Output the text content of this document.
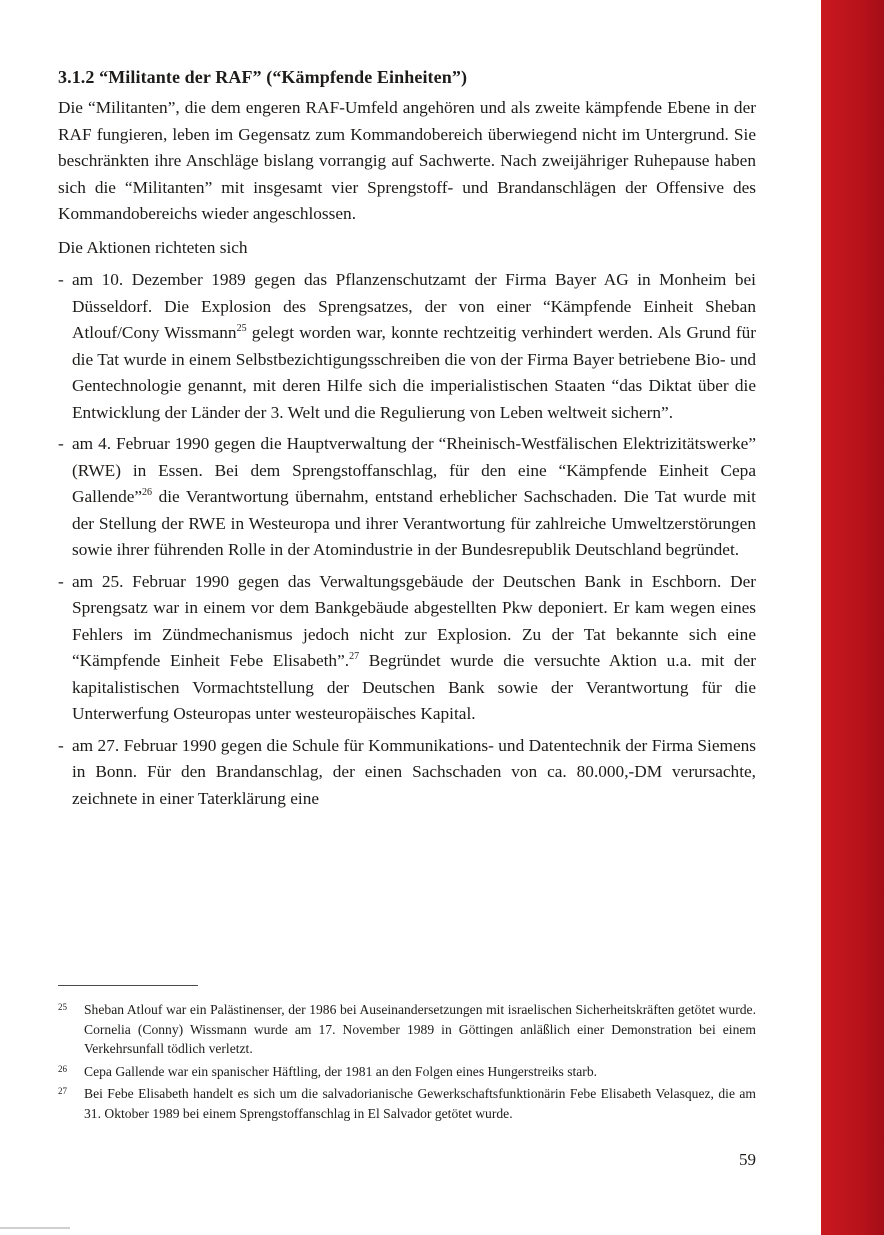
3.1.2 “Militante der RAF” (“Kämpfende Einheiten”)

Die “Militanten”, die dem engeren RAF-Umfeld angehören und als zweite kämpfende Ebene in der RAF fungieren, leben im Gegensatz zum Kommandobereich überwiegend nicht im Untergrund. Sie beschränkten ihre Anschläge bislang vorrangig auf Sachwerte. Nach zweijähriger Ruhepause haben sich die “Militanten” mit insgesamt vier Sprengstoff- und Brandanschlägen der Offensive des Kommandobereichs wieder angeschlossen.

Die Aktionen richteten sich

- am 10. Dezember 1989 gegen das Pflanzenschutzamt der Firma Bayer AG in Monheim bei Düsseldorf. Die Explosion des Sprengsatzes, der von einer “Kämpfende Einheit Sheban Atlouf/Cony Wissmann$^{25}$ gelegt worden war, konnte rechtzeitig verhindert werden. Als Grund für die Tat wurde in einem Selbstbezichtigungsschreiben die von der Firma Bayer betriebene Bio- und Gentechnologie genannt, mit deren Hilfe sich die imperialistischen Staaten “das Diktat über die Entwicklung der Länder der 3. Welt und die Regulierung von Leben weltweit sichern”.
- am 4. Februar 1990 gegen die Hauptverwaltung der “Rheinisch-Westfälischen Elektrizitätswerke” (RWE) in Essen. Bei dem Sprengstoffanschlag, für den eine “Kämpfende Einheit Cepa Gallende”$^{26}$ die Verantwortung übernahm, entstand erheblicher Sachschaden. Die Tat wurde mit der Stellung der RWE in Westeuropa und ihrer Verantwortung für zahlreiche Umweltzerstörungen sowie ihrer führenden Rolle in der Atomindustrie in der Bundesrepublik Deutschland begründet.
- am 25. Februar 1990 gegen das Verwaltungsgebäude der Deutschen Bank in Eschborn. Der Sprengsatz war in einem vor dem Bankgebäude abgestellten Pkw deponiert. Er kam wegen eines Fehlers im Zündmechanismus jedoch nicht zur Explosion. Zu der Tat bekannte sich eine “Kämpfende Einheit Febe Elisabeth”.$^{27}$ Begründet wurde die versuchte Aktion u.a. mit der kapitalistischen Vormachtstellung der Deutschen Bank sowie der Verantwortung für die Unterwerfung Osteuropas unter westeuropäisches Kapital.
- am 27. Februar 1990 gegen die Schule für Kommunikations- und Datentechnik der Firma Siemens in Bonn. Für den Brandanschlag, der einen Sachschaden von ca. 80.000,-DM verursachte, zeichnete in einer Taterklärung eine
25 Sheban Atlouf war ein Palästinenser, der 1986 bei Auseinandersetzungen mit israelischen Sicherheitskräften getötet wurde. Cornelia (Conny) Wissmann wurde am 17. November 1989 in Göttingen anläßlich einer Demonstration bei einem Verkehrsunfall tödlich verletzt.
26 Cepa Gallende war ein spanischer Häftling, der 1981 an den Folgen eines Hungerstreiks starb.
27 Bei Febe Elisabeth handelt es sich um die salvadorianische Gewerkschaftsfunktionärin Febe Elisabeth Velasquez, die am 31. Oktober 1989 bei einem Sprengstoffanschlag in El Salvador getötet wurde.
59
